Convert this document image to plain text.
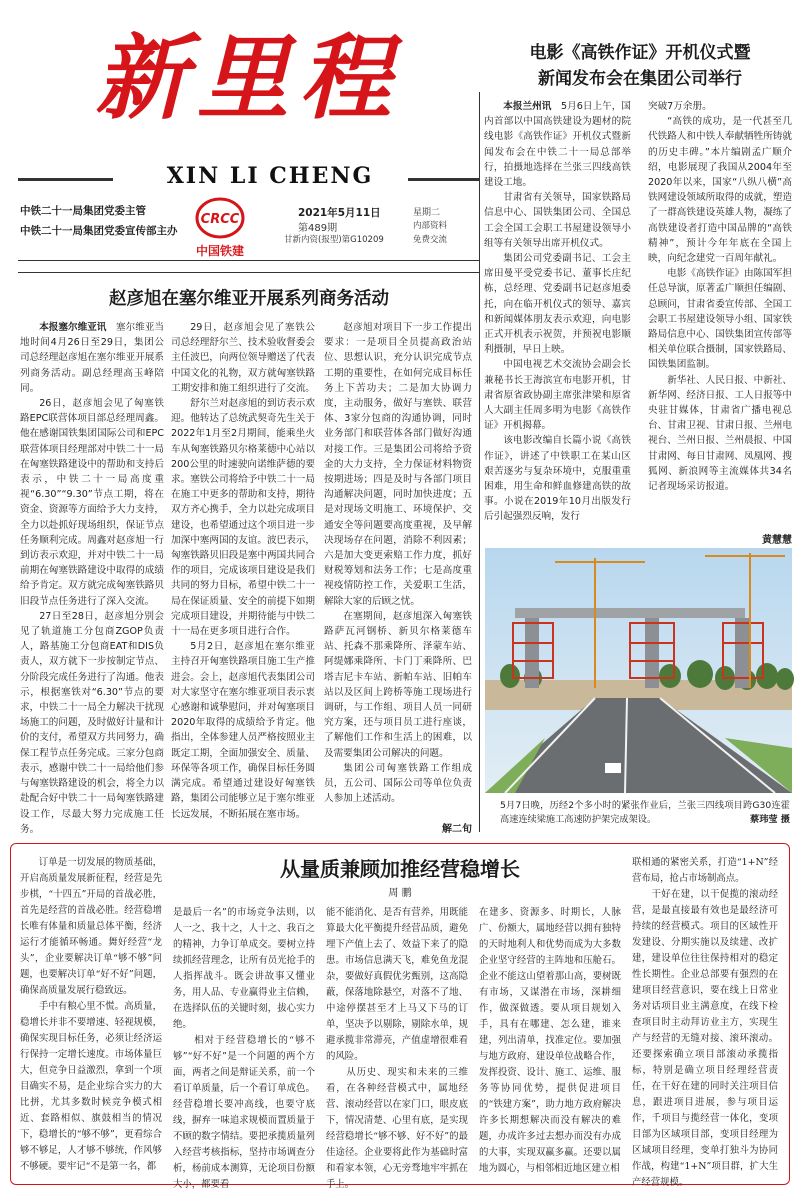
新里程
XIN LI CHENG
中铁二十一局集团党委主管
中铁二十一局集团党委宣传部主办
CRCC
中国铁建
2021年5月11日	星期二
第489期	内部资料
甘新内资(报型)第G10209	免费交流
电影《高铁作证》开机仪式暨
新闻发布会在集团公司举行

本报兰州讯　 5月6日上午，国内首部以中国高铁建设为题材的院线电影《高铁作证》开机仪式暨新闻发布会在中铁二十一局总部举行，拍摄地选择在兰张三四线高铁建设工地。

甘肃省有关领导，国家铁路局信息中心、国铁集团公司、全国总工会全国工会职工书屋建设领导小组等有关领导出席开机仪式。

集团公司党委副书记、工会主席田曼平受党委书记、董事长庄纪栋，总经理、党委副书记赵彦旭委托，向在临开机仪式的领导、嘉宾和新闻媒体朋友表示欢迎，向电影正式开机表示祝贺，并预祝电影顺利摄制，早日上映。

中国电视艺术交流协会副会长兼秘书长王海滨宣布电影开机，甘肃省原省政协副主席张津梁和原省人大副主任周多明为电影《高铁作证》开机揭幕。

该电影改编自长篇小说《高铁作证》，讲述了中铁职工在某山区艰苦逐劣与复杂环境中，克服重重困难，用生命和鲜血修建高铁的故事。小说在2019年10月出版发行后引起强烈反响，发行

突破7万余册。

“高铁的成功，是一代甚至几代铁路人和中铁人奉献牺牲所铸就的历史丰碑。”本片编剧孟广顺介绍，电影展现了我国从2004年至2020年以来，国家“八纵八横”高铁网建设领域所取得的成就，塑造了一群高铁建设英雄人物，凝练了高铁建设者打造中国品牌的“高铁精神”，预计今年年底在全国上映，向纪念建党一百周年献礼。

电影《高铁作证》由陈国军担任总导演，原著孟广顺担任编剧、总顾问，甘肃省委宣传部、全国工会职工书屋建设领导小组、国家铁路局信息中心、国铁集团宣传部等相关单位联合摄制，国家铁路局、国铁集团监制。

新华社、人民日报、中新社、新华网、经济日报、工人日报等中央驻甘媒体，甘肃省广播电视总台、甘肃卫视、甘肃日报、兰州电视台、兰州日报、兰州晨报、中国甘肃网、每日甘肃网、凤凰网、搜狐网、新浪网等主流媒体共34名记者现场采访报道。

黄慧慧
赵彦旭在塞尔维亚开展系列商务活动

本报塞尔维亚讯　 塞尔维亚当地时间4月26日至29日，集团公司总经理赵彦旭在塞尔维亚开展系列商务活动。副总经理高玉峰陪同。

26日，赵彦旭会见了匈塞铁路EPC联营体项目部总经理周鑫。他在感谢国铁集团国际公司和EPC联营体项目经理部对中铁二十一局在匈塞铁路建设中的帮助和支持后表示，中铁二十一局高度重视“6.30”“9.30”节点工期，将在资金、资源等方面给予大力支持，全力以赴抓好现场组织，保证节点任务顺利完成。周鑫对赵彦旭一行到访表示欢迎，并对中铁二十一局前期在匈塞铁路建设中取得的成绩给予肯定。双方就完成匈塞铁路贝旧段节点任务进行了深入交流。

27日至28日，赵彦旭分别会见了轨道施工分包商ZGOP负责人，路基施工分包商EAT和DIS负责人，双方就下一步按制定节点、分阶段完成任务进行了沟通。他表示，根据塞铁对“6.30”节点的要求，中铁二十一局全力解决干扰现场施工的问题，及时做好计量和计价的支付，希望双方共同努力，确保工程节点任务完成。三家分包商表示，感谢中铁二十一局给他们参与匈塞铁路建设的机会，将全力以赴配合好中铁二十一局匈塞铁路建设工作，尽最大努力完成施工任务。

29日，赵彦旭会见了塞铁公司总经理舒尔兰、技术验收督委会主任波巴，向两位领导赠送了代表中国文化的礼物，双方就匈塞铁路工期安排和施工组织进行了交流。

舒尔兰对赵彦旭的到访表示欢迎。他转达了总统武契奇先生关于2022年1月至2月期间，能乘坐火车从匈塞铁路贝尔格莱德中心站以200公里的时速驶向诺维萨德的要求。塞铁公司将给予中铁二十一局在施工中更多的帮助和支持，期待双方齐心携手，全力以赴完成项目建设，也希望通过这个项目进一步加深中塞两国的友谊。波巴表示，匈塞铁路贝旧段是塞中两国共同合作的项目，完成该项目建设是我们共同的努力目标，希望中铁二十一局在保证质量、安全的前提下如期完成项目建设，并期待能与中铁二十一局在更多项目进行合作。

5月2日，赵彦旭在塞尔维亚主持召开匈塞铁路项目施工生产推进会。会上，赵彦旭代表集团公司对大家坚守在塞尔维亚项目表示衷心感谢和诚挚慰问，并对匈塞项目2020年取得的成绩给予肯定。他指出，全体参建人员严格按照业主既定工期，全面加强安全、质量、环保等各项工作，确保目标任务圆满完成。希望通过建设好匈塞铁路，集团公司能够立足于塞尔维亚长远发展，不断拓展在塞市场。

赵彦旭对项目下一步工作提出要求：一是项目全员提高政治站位、思想认识，充分认识完成节点工期的重要性，在如何完成目标任务上下苦功夫；二是加大协调力度，主动服务，做好与塞铁、联营体、3家分包商的沟通协调，同时业务部门和联营体各部门做好沟通对接工作。三是集团公司将给予资金的大力支持，全力保证材料物资按期进场；四是及时与各部门项目沟通解决问题，同时加快进度；五是对现场文明施工、环境保护、交通安全等问题要高度重视，及早解决现场存在问题，消除不利因素；六是加大变更索赔工作力度，抓好财税筹划和法务工作；七是高度重视疫情防控工作，关爱职工生活，解除大家的后顾之忧。

在塞期间，赵彦旭深入匈塞铁路萨瓦河钢桥、新贝尔格莱德车站、托森不那乘降所、泽蒙车站、阿缇娜乘降所、卡门丁乘降所、巴塔吉尼卡车站、新帕车站、旧帕车站以及区间上跨桥等施工现场进行调研，与工作组、项目人员一同研究方案，还与项目员工进行座谈，了解他们工作和生活上的困难，以及需要集团公司解决的问题。

集团公司匈塞铁路工作组成员，五公司、国际公司等单位负责人参加上述活动。

解二旬
5月7日晚，历经2个多小时的紧张作业后，兰张三四线项目跨G30连霍高速连续梁施工高速防护架完成架设。	蔡玮莹 摄
从量质兼顾加推经营稳增长
周 鹏
订单是一切发展的物质基础，开启高质量发展新征程，经营是先步棋，“十四五”开局的首战必胜，首先是经营的首战必胜。经营稳增长唯有体量和质量总体平衡，经济运行才能循环畅通。舞好经营“龙头”，企业要解决订单“够不够”问题，也要解决订单“好不好”问题，确保高质量发展行稳致远。
　　手中有粮心里不慌。高质量，稳增长并非不要增速、轻视规模，确保实现目标任务，必须让经济运行保持一定增长速度。市场体量巨大，但竞争日益激烈，拿到一个项目确实不易，是企业综合实力的大比拼，尤其多数时候竞争模式相近、套路相似、旗鼓相当的情况下，稳增长的“够不够”，更看综合够不够足，人才够不够统，作风够不够硬。要牢记“不是第一名，都
是最后一名”的市场竞争法则，以人一之、我十之，人十之、我百之的精神，力争订单成交。要树立持续抓经营理念，让所有员光抢手的人指挥战斗。既会讲故事又懂业务，用人品、专业赢得业主信赖，在选择队伍的关键时刻，拔心实力绝。
　　相对于经营稳增长的“够不够”“好不好”是一个问题的两个方面，两者之间是辩证关系，前一个看订单质量，后一个看订单成色。经营稳增长要冲高线，也要守底线，摒弃一味追求规模而置质量于不顾的数字情结。要把承揽质量列入经营考核指标，坚持市场调查分析，杨前成本测算，无论项目份额大小，都要看
能不能消化、是否有营养，用既能算最大化平衡提升经营品质，避免埋下产值上去了、效益下来了的隐患。市场信息满天飞，难免鱼龙混杂，要做好真假优劣甄别，这高隐蔽，保落地除悬空，对落不了地、中途停摆甚至才上马又下马的订单，坚决予以剔除，剔除水单，规避承揽非常滞亮，产值虚增很难看的风险。
　　从历史、现实和未来的三维看，在各种经营模式中，属地经营、滚动经营以在家门口，眼皮底下，情况清楚、心里有底，是实现经营稳增长“够不够、好不好”的最佳途径。企业要将此作为基础时富和看家本领，心无旁骛地牢牢抓在手上。
在建多、资源多、时期长，人脉广、份额大，属地经营以拥有独特的天时地利人和优势而成为大多数企业坚守经营的主阵地和压舱石。企业不能这山望着那山高，要树既有市场，又谋潜在市场，深耕细作，做深做透。要从项目规划入手，具有在哪建、怎么建，谁来建，列出清单，找准定位。要加强与地方政府、建设单位战略合作，发挥投资、设计、施工、运维、服务等协同优势，提供促进项目的“铁建方案”，助力地方政府解决许多长期想解决而没有解决的难题，办成许多过去想办而没有办成的大事，实现双赢多赢。还要以属地为圆心，与相邻相近地区建立相
联相通的紧密关系，打造“1+N”经营布局，抢占市场制高点。
　　干好在建，以干促揽的滚动经营，是最直接最有效也是最经济可持续的经营模式。项目的区域性开发建设、分期实施以及续建、改扩建，建设单位往往保持相对的稳定性长期性。企业总部要有强烈的在建项目经营意识，要在线上日常业务对话项目业主满意度，在线下检查项目时主动拜访业主方，实现生产与经营的无缝对接、滚环滚动。还要探索确立项目部滚动承揽指标，特别是确立项目经理经营责任，在干好在建的同时关注项目信息，跟进项目进展，参与项目运作，千项目与揽经营一体化，变项目部为区域项目部，变项目经理为区域项目经理，变单打独斗为协同作战，构建“1+N”项目群，扩大生产经营规模。
